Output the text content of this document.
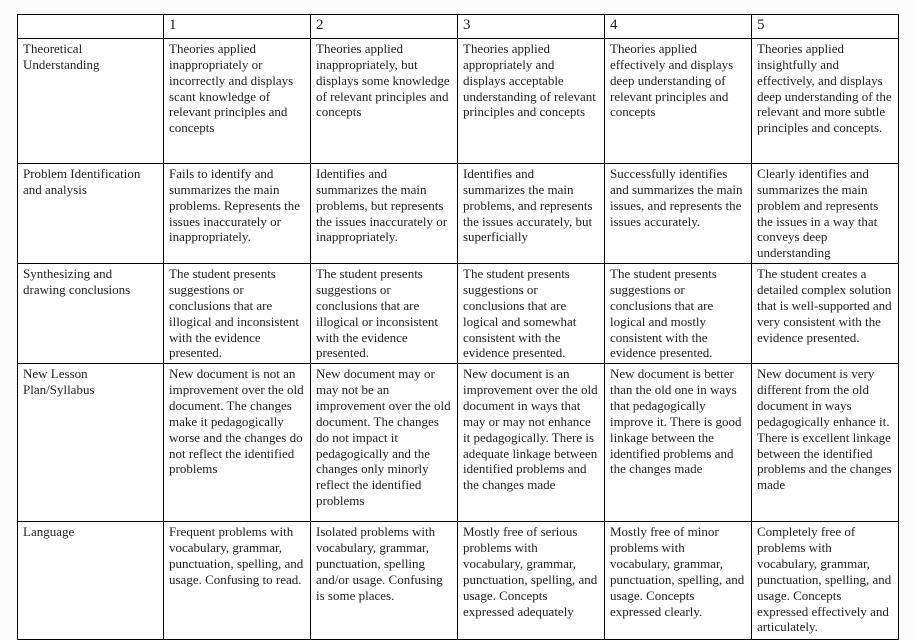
	1	2	3	4	5
Theoretical Understanding	Theories applied inappropriately or incorrectly and displays scant knowledge of relevant principles and concepts	Theories applied inappropriately, but displays some knowledge of relevant principles and concepts	Theories applied appropriately and displays acceptable understanding of relevant principles and concepts	Theories applied effectively and displays deep understanding of relevant principles and concepts	Theories applied insightfully and effectively, and displays deep understanding of the relevant and more subtle principles and concepts.
Problem Identification and analysis	Fails to identify and summarizes the main problems. Represents the issues inaccurately or inappropriately.	Identifies and summarizes the main problems, but represents the issues inaccurately or inappropriately.	Identifies and summarizes the main problems, and represents the issues accurately, but superficially	Successfully identifies and summarizes the main issues, and represents the issues accurately.	Clearly identifies and summarizes the main problem and represents the issues in a way that conveys deep understanding
Synthesizing and drawing conclusions	The student presents suggestions or conclusions that are illogical and inconsistent with the evidence presented.	The student presents suggestions or conclusions that are illogical or inconsistent with the evidence presented.	The student presents suggestions or conclusions that are logical and somewhat consistent with the evidence presented.	The student presents suggestions or conclusions that are logical and mostly consistent with the evidence presented.	The student creates a detailed complex solution that is well-supported and very consistent with the evidence presented.
New Lesson Plan/Syllabus	New document is not an improvement over the old document. The changes make it pedagogically worse and the changes do not reflect the identified problems	New document may or may not be an improvement over the old document. The changes do not impact it pedagogically and the changes only minorly reflect the identified problems	New document is an improvement over the old document in ways that may or may not enhance it pedagogically. There is adequate linkage between identified problems and the changes made	New document is better than the old one in ways that pedagogically improve it. There is good linkage between the identified problems and the changes made	New document is very different from the old document in ways pedagogically enhance it. There is excellent linkage between the identified problems and the changes made
Language	Frequent problems with vocabulary, grammar, punctuation, spelling, and usage. Confusing to read.	Isolated problems with vocabulary, grammar, punctuation, spelling and/or usage. Confusing is some places.	Mostly free of serious problems with vocabulary, grammar, punctuation, spelling, and usage. Concepts expressed adequately	Mostly free of minor problems with vocabulary, grammar, punctuation, spelling, and usage. Concepts expressed clearly.	Completely free of problems with vocabulary, grammar, punctuation, spelling, and usage. Concepts expressed effectively and articulately.
